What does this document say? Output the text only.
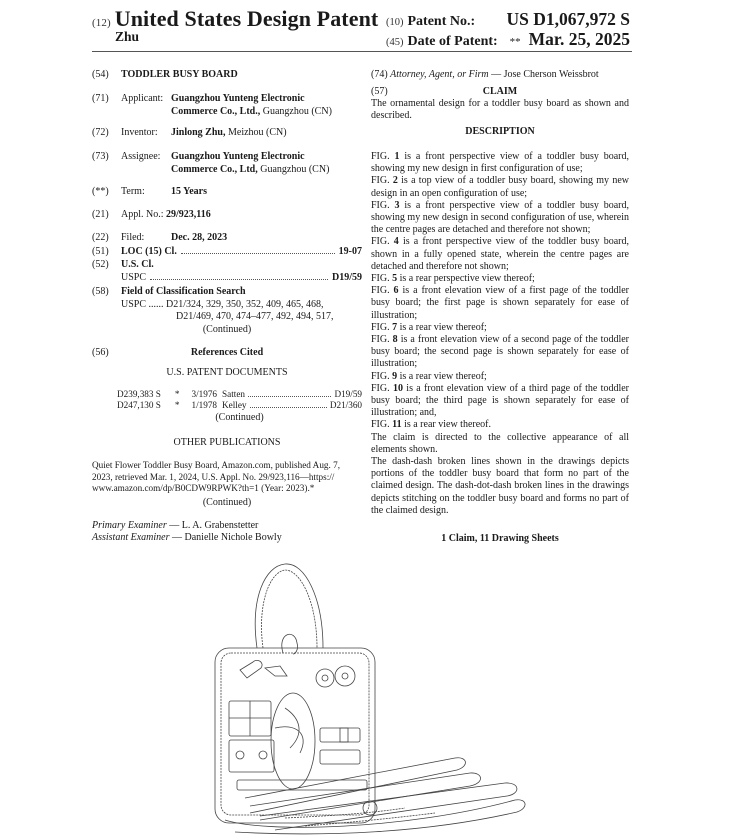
(12) United States Design Patent
Zhu
(10) Patent No.: US D1,067,972 S
(45) Date of Patent: ** Mar. 25, 2025
(54) TODDLER BUSY BOARD
(71) Applicant: Guangzhou Yunteng Electronic
Commerce Co., Ltd., Guangzhou (CN)
(72) Inventor: Jinlong Zhu, Meizhou (CN)
(73) Assignee: Guangzhou Yunteng Electronic
Commerce Co., Ltd, Guangzhou (CN)
(**) Term:	15 Years
(21) Appl. No.: 29/923,116
(22) Filed:	Dec. 28, 2023
(51) LOC (15) Cl.	19-07
(52) U.S. Cl.
USPC	D19/59
(58) Field of Classification Search
USPC ...... D21/324, 329, 350, 352, 409, 465, 468,
D21/469, 470, 474–477, 492, 494, 517,
(Continued)
(56)	References Cited
U.S. PATENT DOCUMENTS
D239,383 S * 3/1976 Satten	D19/59
D247,130 S * 1/1978 Kelley	D21/360
(Continued)
OTHER PUBLICATIONS
Quiet Flower Toddler Busy Board, Amazon.com, published Aug. 7,
2023, retrieved Mar. 1, 2024, U.S. Appl. No. 29/923,116—https://
www.amazon.com/dp/B0CDW9RPWK?th=1 (Year: 2023).*
(Continued)
Primary Examiner — L. A. Grabenstetter
Assistant Examiner — Danielle Nichole Bowly
(74) Attorney, Agent, or Firm — Jose Cherson Weissbrot
(57)	CLAIM
The ornamental design for a toddler busy board as shown and described.
DESCRIPTION

FIG. 1 is a front perspective view of a toddler busy board, showing my new design in first configuration of use;

FIG. 2 is a top view of a toddler busy board, showing my new design in an open configuration of use;

FIG. 3 is a front perspective view of a toddler busy board, showing my new design in second configuration of use, wherein the centre pages are detached and therefore not shown;

FIG. 4 is a front perspective view of the toddler busy board, shown in a fully opened state, wherein the centre pages are detached and therefore not shown;

FIG. 5 is a rear perspective view thereof;

FIG. 6 is a front elevation view of a first page of the toddler busy board; the first page is shown separately for ease of illustration;

FIG. 7 is a rear view thereof;

FIG. 8 is a front elevation view of a second page of the toddler busy board; the second page is shown separately for ease of illustration;

FIG. 9 is a rear view thereof;

FIG. 10 is a front elevation view of a third page of the toddler busy board; the third page is shown separately for ease of illustration; and,

FIG. 11 is a rear view thereof.

The claim is directed to the collective appearance of all elements shown.

The dash-dash broken lines shown in the drawings depicts portions of the toddler busy board that form no part of the claimed design. The dash-dot-dash broken lines in the drawings depicts stitching on the toddler busy board and forms no part of the claimed design.

1 Claim, 11 Drawing Sheets
